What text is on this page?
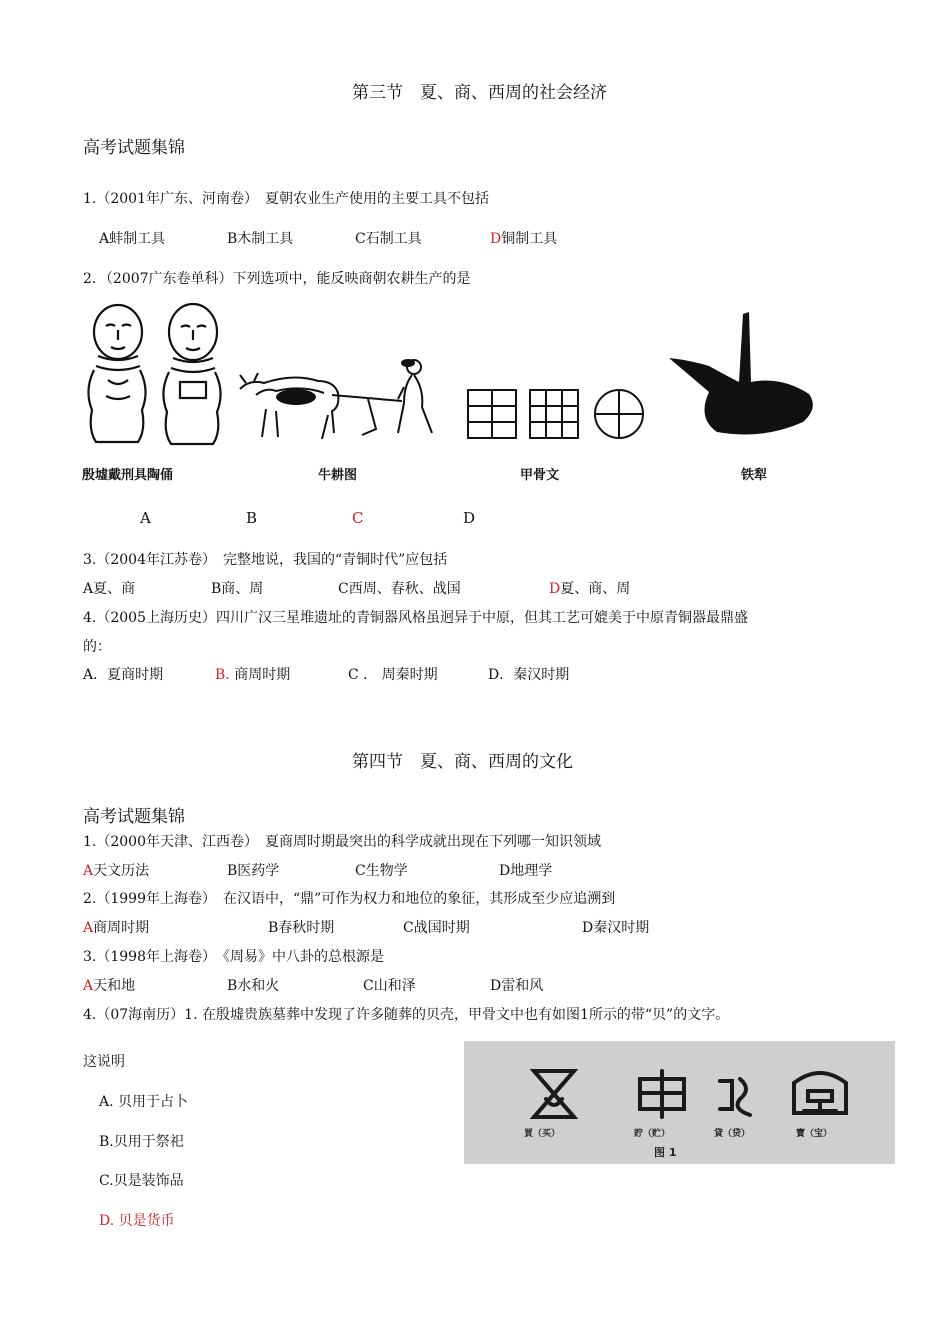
第三节　夏、商、西周的社会经济
高考试题集锦
1.（2001年广东、河南卷）　夏朝农业生产使用的主要工具不包括
A蚌制工具	B木制工具	C石制工具	D铜制工具
2．（2007广东卷单科）下列选项中，能反映商朝农耕生产的是
殷墟戴刑具陶俑	牛耕图	甲骨文	铁犁
A	B	C	D
3.（2004年江苏卷）　完整地说，我国的“青铜时代”应包括
A夏、商	B商、周	C西周、春秋、战国	D夏、商、周
4.（2005上海历史）四川广汉三星堆遗址的青铜器风格虽迥异于中原，但其工艺可媲美于中原青铜器最鼎盛
的：
A．夏商时期	B. 商周时期	C ． 周秦时期	D．秦汉时期
第四节　夏、商、西周的文化
高考试题集锦
1.（2000年天津、江西卷）　夏商周时期最突出的科学成就出现在下列哪一知识领域
A天文历法	B医药学	C生物学	D地理学
2.（1999年上海卷）　在汉语中，“鼎”可作为权力和地位的象征，其形成至少应追溯到
A商周时期	B春秋时期	C战国时期	D秦汉时期
3.（1998年上海卷）　《周易》中八卦的总根源是
A天和地	B水和火	C山和泽	D雷和风
4.（07海南历）1. 在殷墟贵族墓葬中发现了许多随葬的贝壳，甲骨文中也有如图1所示的带“贝”的文字。
这说明
A. 贝用于占卜
B.贝用于祭祀
C.贝是装饰品
D. 贝是货币
買（买）	貯（贮）	貸（贷）	寶（宝）
图 1
